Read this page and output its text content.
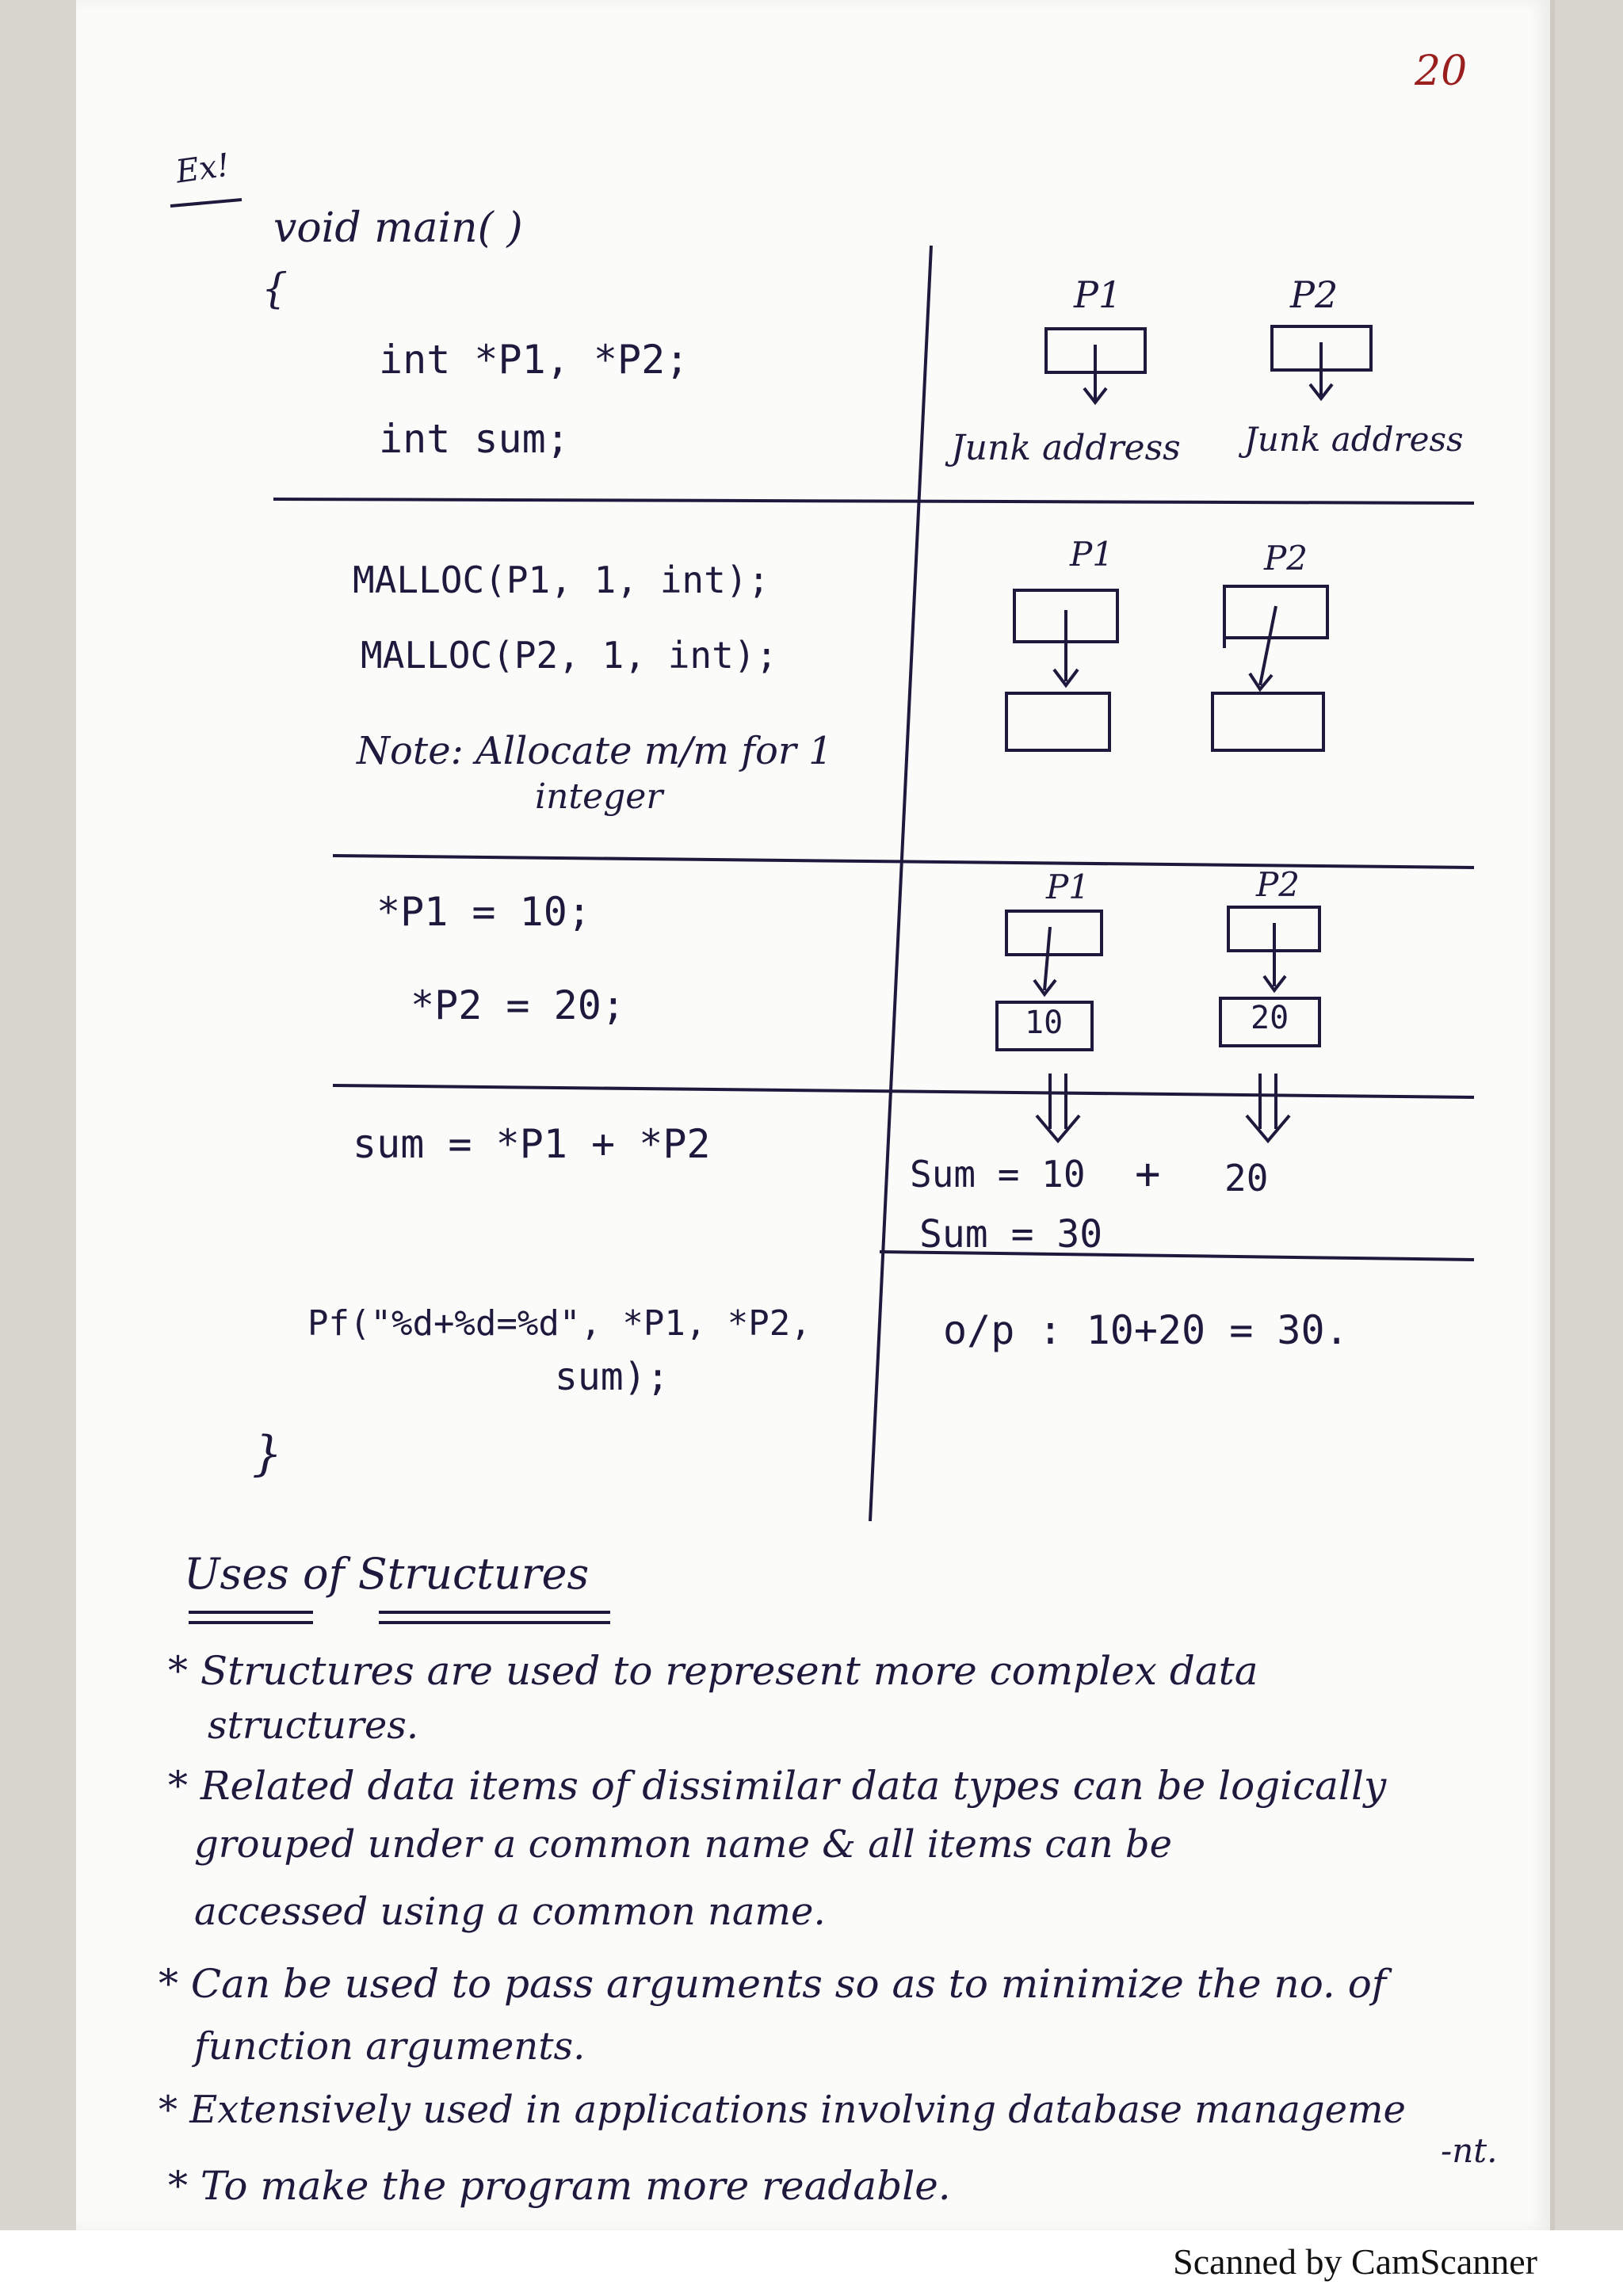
20
Ex!
void main( )
{
int *P1, *P2;
int sum;
MALLOC(P1, 1, int);
MALLOC(P2, 1, int);
Note: Allocate m/m for 1
integer
*P1 = 10;
*P2 = 20;
sum = *P1 + *P2
Pf("%d+%d=%d", *P1, *P2,
sum);
}
P1	P2
Junk address Junk address
P1	P2
P1	P2
10	20
Sum = 10 + 20
Sum = 30
o/p : 10+20 = 30.
Uses of Structures
* Structures are used to represent more complex data
structures.
* Related data items of dissimilar data types can be logically
grouped under a common name & all items can be
accessed using a common name.
* Can be used to pass arguments so as to minimize the no. of
function arguments.
* Extensively used in applications involving database manageme
-nt.
* To make the program more readable.
Scanned by CamScanner
